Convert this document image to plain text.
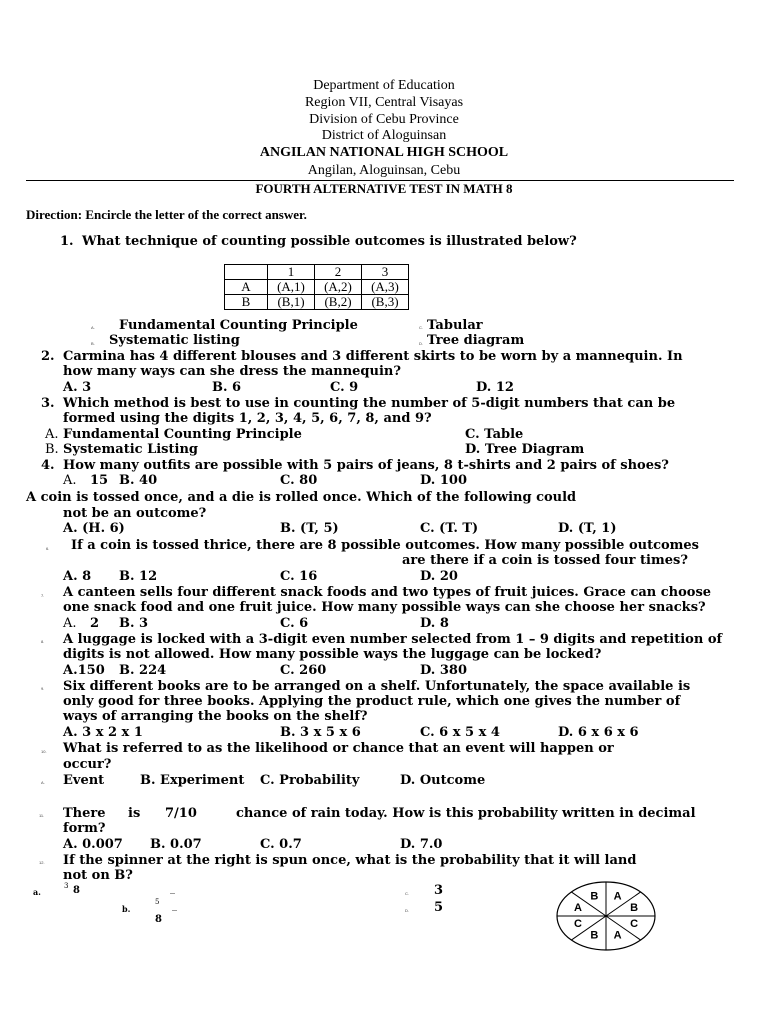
Department of Education
Region VII, Central Visayas
Division of Cebu Province
District of Aloguinsan
ANGILAN NATIONAL HIGH SCHOOL
Angilan, Aloguinsan, Cebu
FOURTH ALTERNATIVE TEST IN MATH 8
Direction: Encircle the letter of the correct answer.
1. What technique of counting possible outcomes is illustrated below?
	1	2	3
A	(A,1)	(A,2)	(A,3)
B	(B,1)	(B,2)	(B,3)
A. Fundamental Counting Principle	C. Tabular
B. Systematic listing	D. Tree diagram
2. Carmina has 4 different blouses and 3 different skirts to be worn by a mannequin. In
how many ways can she dress the mannequin?
A. 3	B. 6	C. 9	D. 12
3. Which method is best to use in counting the number of 5-digit numbers that can be
formed using the digits 1, 2, 3, 4, 5, 6, 7, 8, and 9?
A. Fundamental Counting Principle	C. Table
B. Systematic Listing	D. Tree Diagram
4. How many outfits are possible with 5 pairs of jeans, 8 t-shirts and 2 pairs of shoes?
A. 15 B. 40	C. 80	D. 100
A coin is tossed once, and a die is rolled once. Which of the following could
not be an outcome?
A. (H. 6)	B. (T, 5)	C. (T. T)	D. (T, 1)
6. If a coin is tossed thrice, there are 8 possible outcomes. How many possible outcomes
are there if a coin is tossed four times?
A. 8 B. 12	C. 16	D. 20
7. A canteen sells four different snack foods and two types of fruit juices. Grace can choose
one snack food and one fruit juice. How many possible ways can she choose her snacks?
A. 2 B. 3	C. 6	D. 8
8. A luggage is locked with a 3-digit even number selected from 1 – 9 digits and repetition of
digits is not allowed. How many possible ways the luggage can be locked?
A.150 B. 224	C. 260	D. 380
9. Six different books are to be arranged on a shelf. Unfortunately, the space available is
only good for three books. Applying the product rule, which one gives the number of
ways of arranging the books on the shelf?
A. 3 x 2 x 1	B. 3 x 5 x 6	C. 6 x 5 x 4	D. 6 x 6 x 6
10. What is referred to as the likelihood or chance that an event will happen or
occur?
A. Event	B. Experiment C. Probability	D. Outcome
11. There is 7/10	chance of rain today. How is this probability written in decimal
form?
A. 0.007 B. 0.07	C. 0.7	D. 7.0
12. If the spinner at the right is spun once, what is the probability that it will land
not on B?
a.
3 8	_
b.
5 _
8
C. 3
D. 5
A
B
C
A
B
C
A
B
